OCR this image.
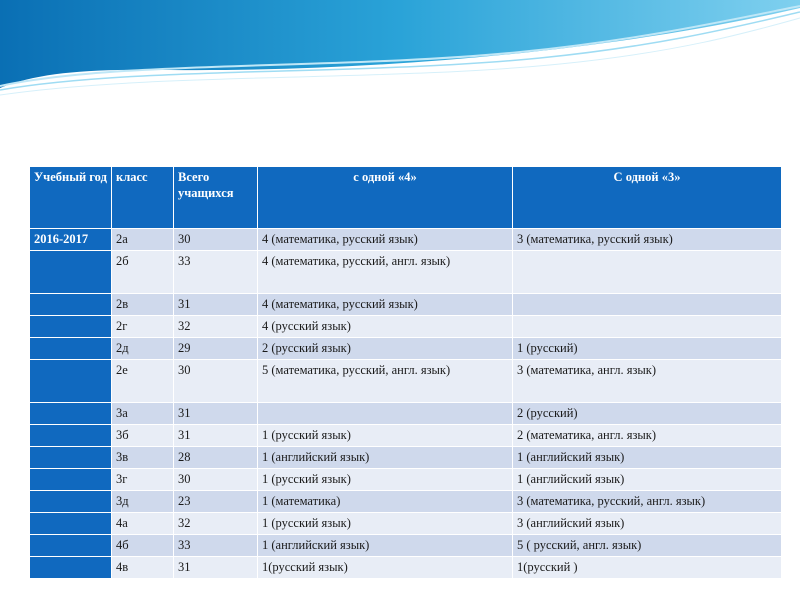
Учебный год	класс	Всего учащихся	с одной «4»	С одной «3»
2016-2017	2а	30	4 (математика, русский язык)	3 (математика, русский язык)
	2б	33	4 (математика, русский, англ. язык)	
	2в	31	4 (математика, русский язык)	
	2г	32	4 (русский язык)	
	2д	29	2 (русский язык)	1 (русский)
	2е	30	5 (математика, русский, англ. язык)	3 (математика, англ. язык)
	3а	31		2 (русский)
	3б	31	1 (русский язык)	2 (математика, англ. язык)
	3в	28	1 (английский язык)	1 (английский язык)
	3г	30	1 (русский язык)	1 (английский язык)
	3д	23	1 (математика)	3 (математика, русский, англ. язык)
	4а	32	1 (русский язык)	3 (английский язык)
	4б	33	1 (английский язык)	5 ( русский, англ. язык)
	4в	31	1(русский язык)	1(русский )
